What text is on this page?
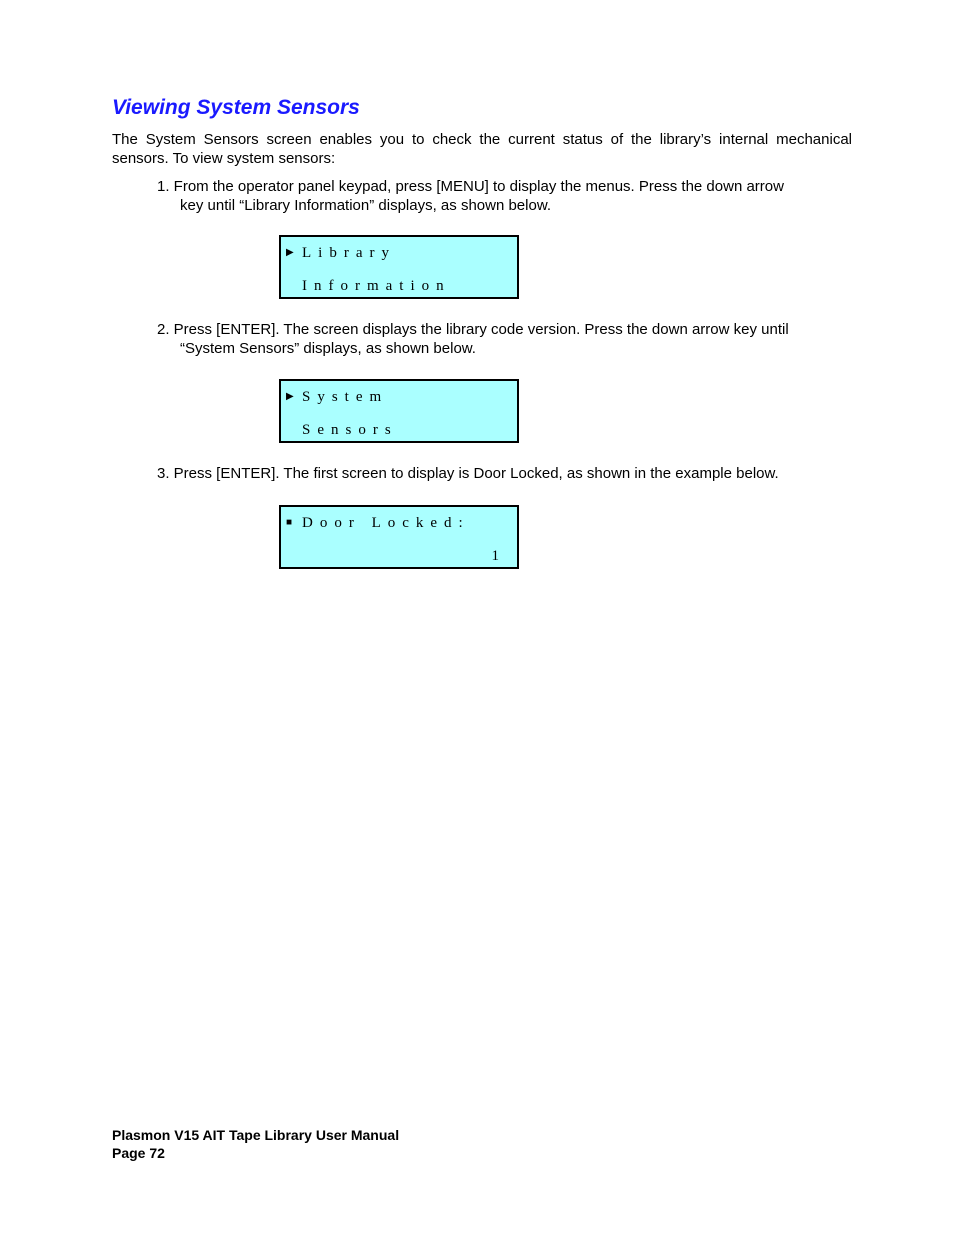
Viewing System Sensors

The System Sensors screen enables you to check the current status of the library’s internal mechanical sensors. To view system sensors:

1. From the operator panel keypad, press [MENU] to display the menus. Press the down arrow
key until “Library Information” displays, as shown below.

▶ Library
Information

2. Press [ENTER]. The screen displays the library code version. Press the down arrow key until
“System Sensors” displays, as shown below.

▶ System
Sensors

3. Press [ENTER]. The first screen to display is Door Locked, as shown in the example below.

■ Door Locked:
1

Plasmon V15 AIT Tape Library User Manual

Page 72
